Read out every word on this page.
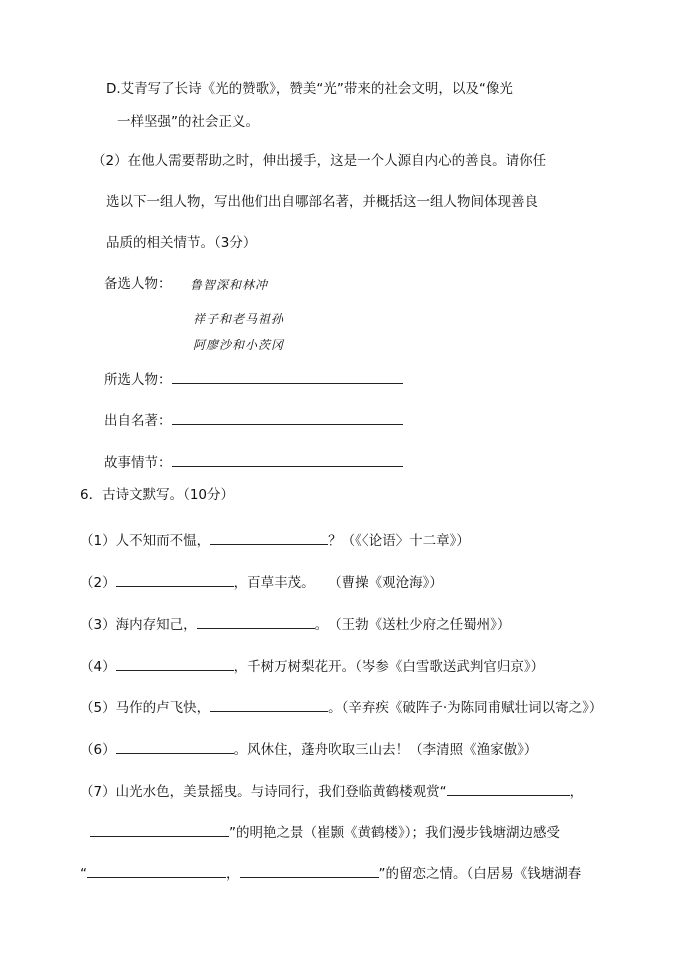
D.艾青写了长诗《光的赞歌》，赞美“光”带来的社会文明，以及“像光
一样坚强”的社会正义。
（2）在他人需要帮助之时，伸出援手，这是一个人源自内心的善良。请你任
选以下一组人物，写出他们出自哪部名著，并概括这一组人物间体现善良
品质的相关情节。（3分）
备选人物： 鲁智深和林冲
祥子和老马祖孙
阿廖沙和小茨冈
所选人物：
出自名著：
故事情节：
6．古诗文默写。（10分）
（1）人不知而不愠，	？（《〈论语〉十二章》）
（2）	，百草丰茂。　　（曹操《观沧海》）
（3）海内存知己，	。　（王勃《送杜少府之任蜀州》）
（4）	，千树万树梨花开。（岑参《白雪歌送武判官归京》）
（5）马作的卢飞快，	。（辛弃疾《破阵子·为陈同甫赋壮词以寄之》）
（6）	。风休住，蓬舟吹取三山去！（李清照《渔家傲》）
（7）山光水色，美景摇曳。与诗同行，我们登临黄鹤楼观赏“	，
”的明艳之景（崔颢《黄鹤楼》）；我们漫步钱塘湖边感受
“	，	”的留恋之情。（白居易《钱塘湖春
